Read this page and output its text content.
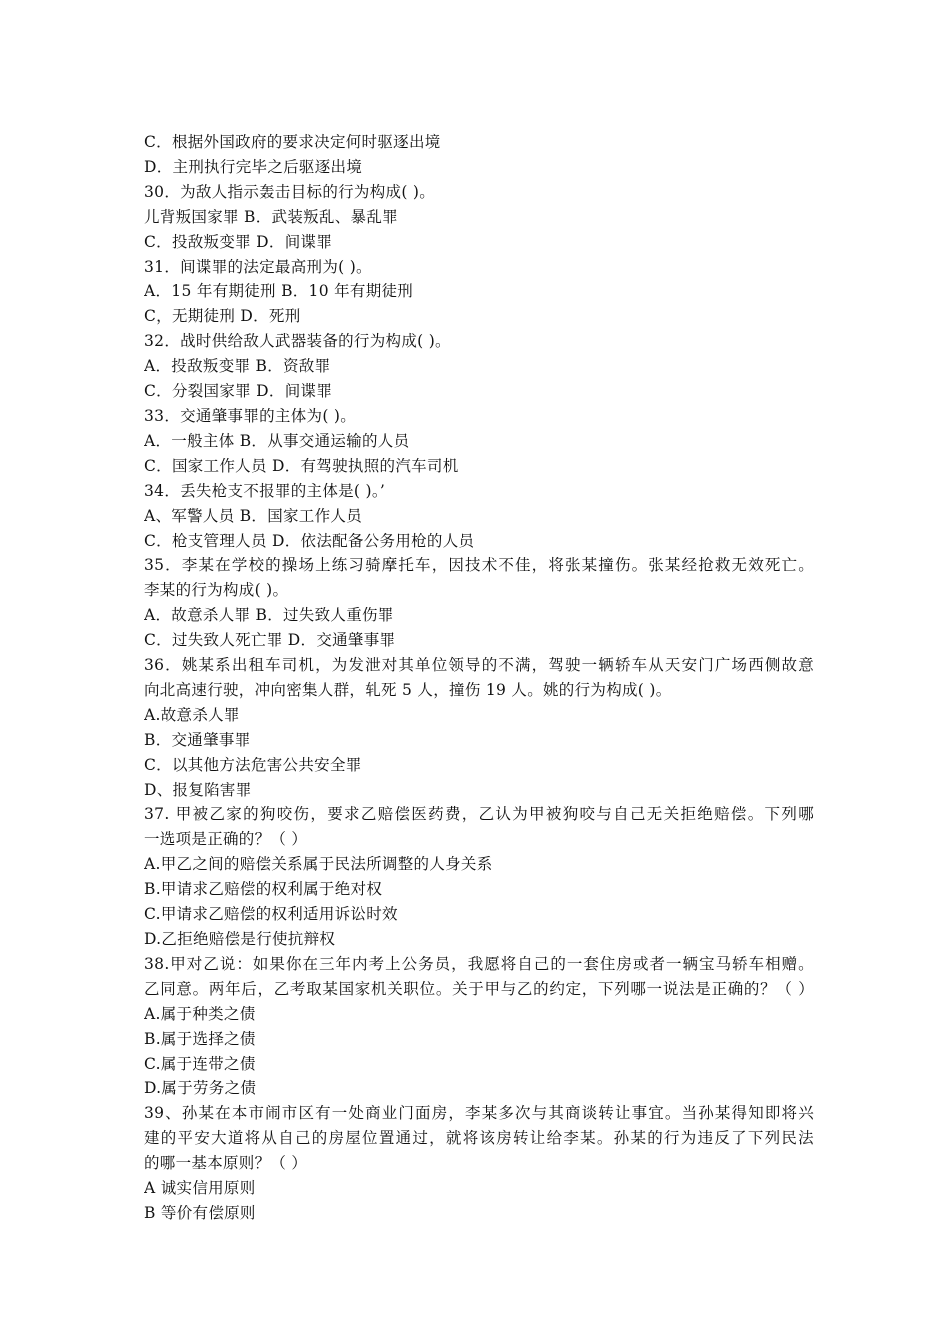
C．根据外国政府的要求决定何时驱逐出境
D．主刑执行完毕之后驱逐出境
30．为敌人指示轰击目标的行为构成( )。
儿背叛国家罪 B．武装叛乱、暴乱罪
C．投敌叛变罪 D．间谍罪
31．间谍罪的法定最高刑为( )。
A．15 年有期徒刑 B．10 年有期徒刑
C，无期徒刑 D．死刑
32．战时供给敌人武器装备的行为构成( )。
A．投敌叛变罪 B．资敌罪
C．分裂国家罪 D．间谍罪
33．交通肇事罪的主体为( )。
A．一般主体 B．从事交通运输的人员
C．国家工作人员 D．有驾驶执照的汽车司机
34．丢失枪支不报罪的主体是( )。’
A、军警人员 B．国家工作人员
C．枪支管理人员 D．依法配备公务用枪的人员
35．李某在学校的操场上练习骑摩托车，因技术不佳，将张某撞伤。张某经抢救无效死亡。
李某的行为构成( )。
A．故意杀人罪 B．过失致人重伤罪
C．过失致人死亡罪 D．交通肇事罪
36．姚某系出租车司机，为发泄对其单位领导的不满，驾驶一辆轿车从天安门广场西侧故意
向北高速行驶，冲向密集人群，轧死 5 人，撞伤 19 人。姚的行为构成( )。
A.故意杀人罪
B．交通肇事罪
C．以其他方法危害公共安全罪
D、报复陷害罪
37. 甲被乙家的狗咬伤，要求乙赔偿医药费，乙认为甲被狗咬与自己无关拒绝赔偿。下列哪
一选项是正确的？（ ）
A.甲乙之间的赔偿关系属于民法所调整的人身关系
B.甲请求乙赔偿的权利属于绝对权
C.甲请求乙赔偿的权利适用诉讼时效
D.乙拒绝赔偿是行使抗辩权
38.甲对乙说：如果你在三年内考上公务员，我愿将自己的一套住房或者一辆宝马轿车相赠。
乙同意。两年后，乙考取某国家机关职位。关于甲与乙的约定，下列哪一说法是正确的？（ ）
A.属于种类之债
B.属于选择之债
C.属于连带之债
D.属于劳务之债
39、孙某在本市闹市区有一处商业门面房，李某多次与其商谈转让事宜。当孙某得知即将兴
建的平安大道将从自己的房屋位置通过，就将该房转让给李某。孙某的行为违反了下列民法
的哪一基本原则？（ ）
A 诚实信用原则
B 等价有偿原则
